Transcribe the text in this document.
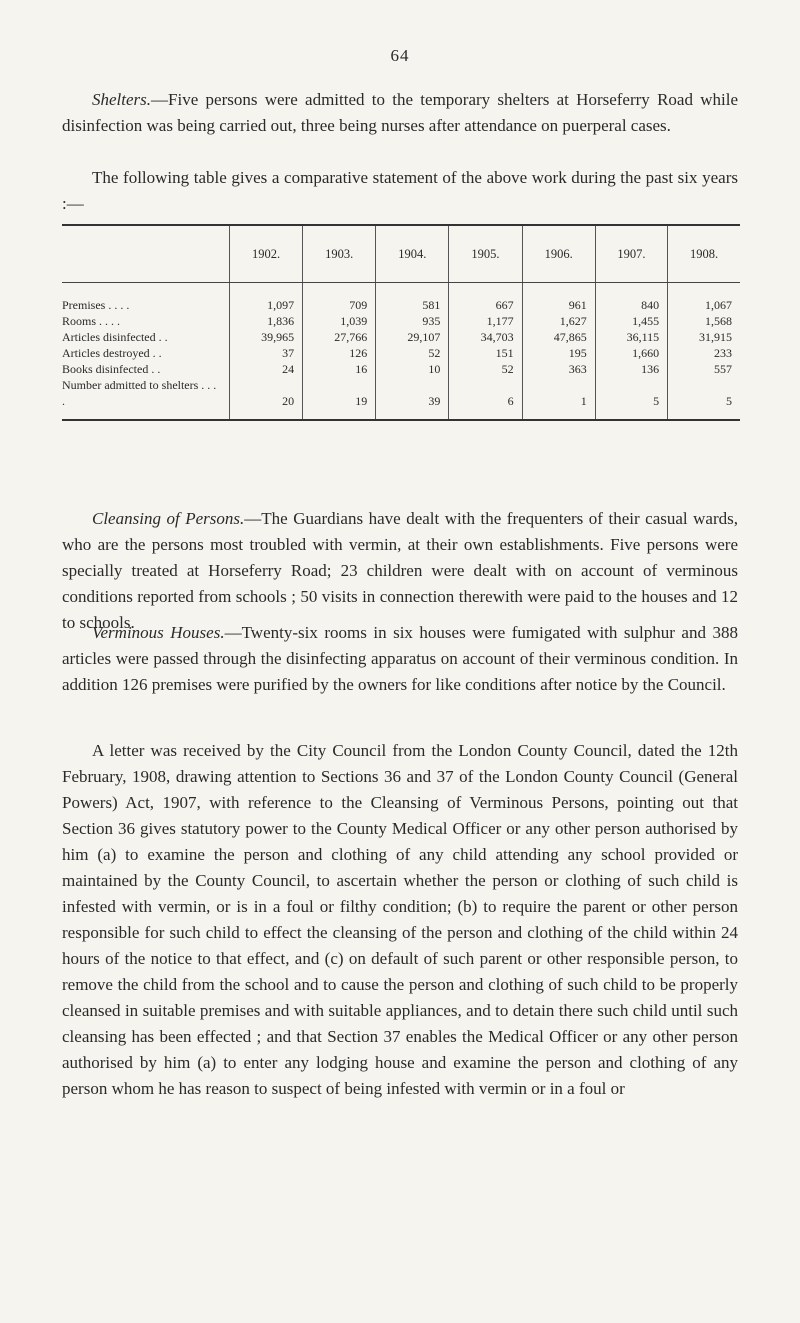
64

Shelters.—Five persons were admitted to the temporary shelters at Horseferry Road while disinfection was being carried out, three being nurses after attendance on puerperal cases.

The following table gives a comparative statement of the above work during the past six years :—

	1902.	1903.	1904.	1905.	1906.	1907.	1908.
Premises . . . .	1,097	709	581	667	961	840	1,067
Rooms . . . .	1,836	1,039	935	1,177	1,627	1,455	1,568
Articles disinfected . .	39,965	27,766	29,107	34,703	47,865	36,115	31,915
Articles destroyed . .	37	126	52	151	195	1,660	233
Books disinfected . .	24	16	10	52	363	136	557
Number admitted to shelters . . . .	20	19	39	6	1	5	5

Cleansing of Persons.—The Guardians have dealt with the frequenters of their casual wards, who are the persons most troubled with vermin, at their own establishments. Five persons were specially treated at Horseferry Road; 23 children were dealt with on account of verminous conditions reported from schools ; 50 visits in connection therewith were paid to the houses and 12 to schools.

Verminous Houses.—Twenty-six rooms in six houses were fumigated with sulphur and 388 articles were passed through the disinfecting apparatus on account of their verminous condition. In addition 126 premises were purified by the owners for like conditions after notice by the Council.

A letter was received by the City Council from the London County Council, dated the 12th February, 1908, drawing attention to Sections 36 and 37 of the London County Council (General Powers) Act, 1907, with reference to the Cleansing of Verminous Persons, pointing out that Section 36 gives statutory power to the County Medical Officer or any other person authorised by him (a) to examine the person and clothing of any child attending any school provided or maintained by the County Council, to ascertain whether the person or clothing of such child is infested with vermin, or is in a foul or filthy condition; (b) to require the parent or other person responsible for such child to effect the cleansing of the person and clothing of the child within 24 hours of the notice to that effect, and (c) on default of such parent or other responsible person, to remove the child from the school and to cause the person and clothing of such child to be properly cleansed in suitable premises and with suitable appliances, and to detain there such child until such cleansing has been effected ; and that Section 37 enables the Medical Officer or any other person authorised by him (a) to enter any lodging house and examine the person and clothing of any person whom he has reason to suspect of being infested with vermin or in a foul or
